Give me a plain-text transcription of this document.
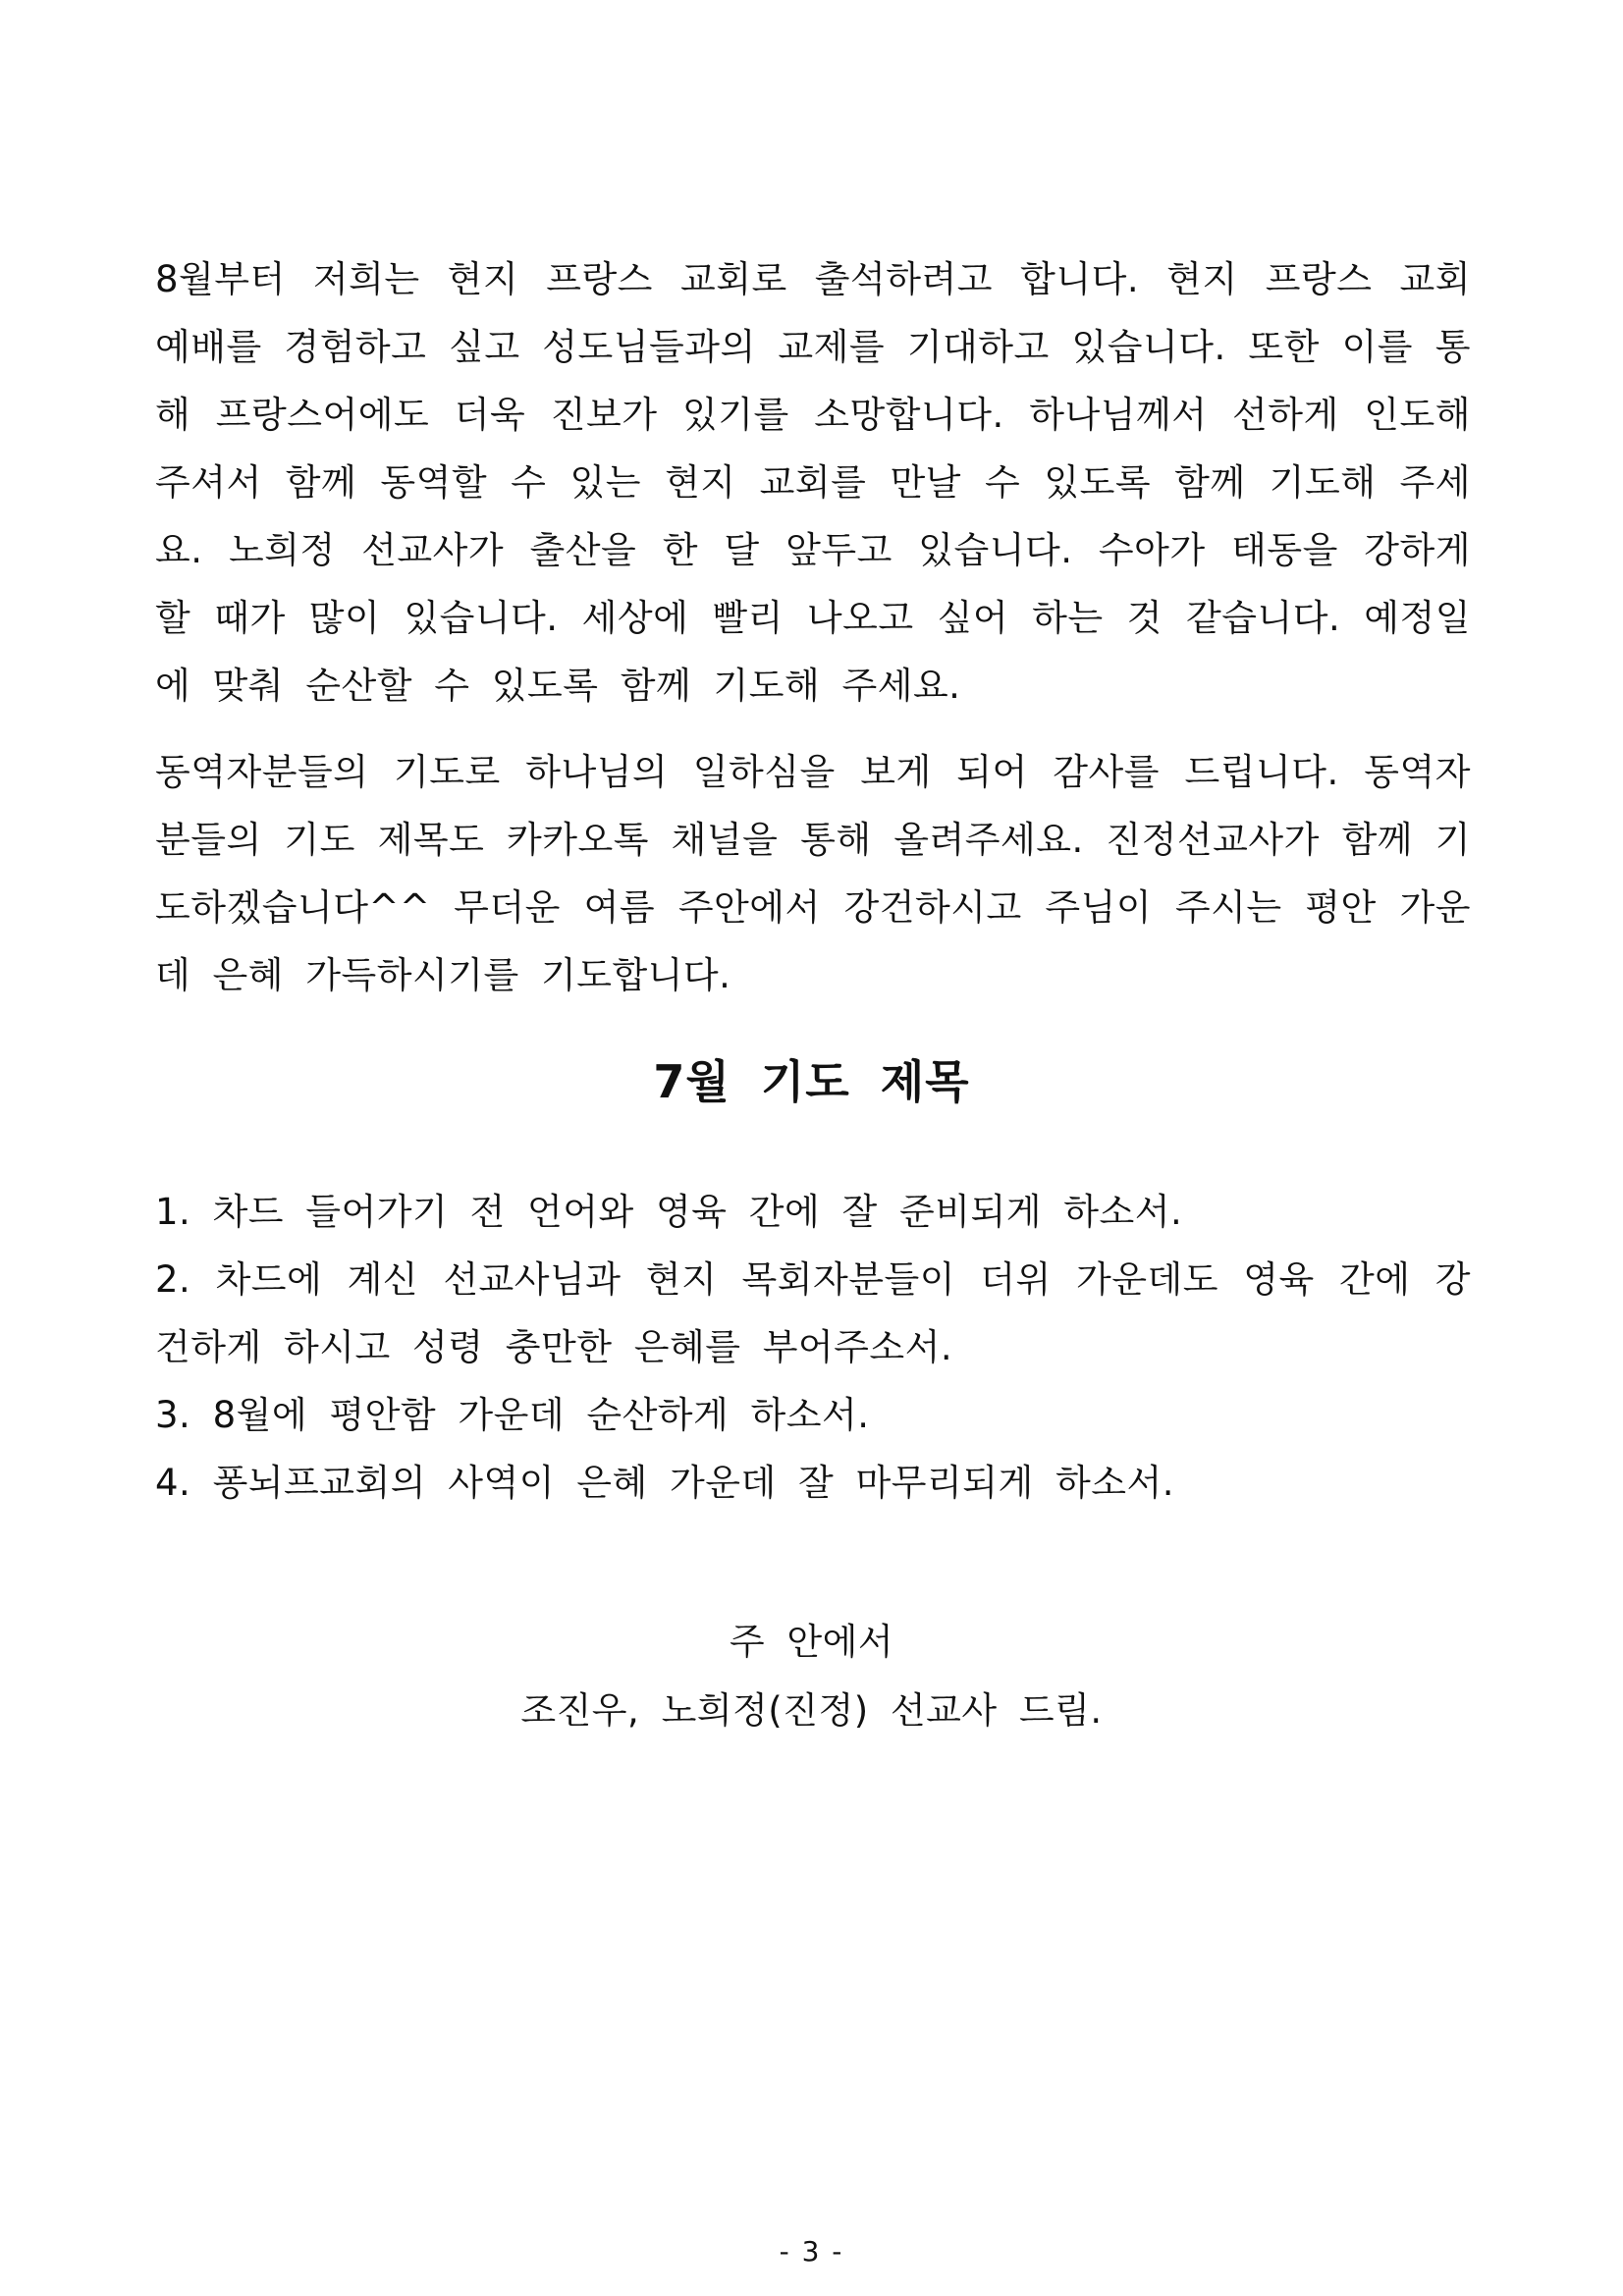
8월부터 저희는 현지 프랑스 교회로 출석하려고 합니다. 현지 프랑스 교회 예배를 경험하고 싶고 성도님들과의 교제를 기대하고 있습니다. 또한 이를 통해 프랑스어에도 더욱 진보가 있기를 소망합니다. 하나님께서 선하게 인도해 주셔서 함께 동역할 수 있는 현지 교회를 만날 수 있도록 함께 기도해 주세요. 노희정 선교사가 출산을 한 달 앞두고 있습니다. 수아가 태동을 강하게 할 때가 많이 있습니다. 세상에 빨리 나오고 싶어 하는 것 같습니다. 예정일에 맞춰 순산할 수 있도록 함께 기도해 주세요.

동역자분들의 기도로 하나님의 일하심을 보게 되어 감사를 드립니다. 동역자분들의 기도 제목도 카카오톡 채널을 통해 올려주세요. 진정선교사가 함께 기도하겠습니다^^ 무더운 여름 주안에서 강건하시고 주님이 주시는 평안 가운데 은혜 가득하시기를 기도합니다.

7월 기도 제목
1. 차드 들어가기 전 언어와 영육 간에 잘 준비되게 하소서.
2. 차드에 계신 선교사님과 현지 목회자분들이 더위 가운데도 영육 간에 강건하게 하시고 성령 충만한 은혜를 부어주소서.
3. 8월에 평안함 가운데 순산하게 하소서.
4. 퐁뇌프교회의 사역이 은혜 가운데 잘 마무리되게 하소서.

주 안에서

조진우, 노희정(진정) 선교사 드림.

- 3 -
